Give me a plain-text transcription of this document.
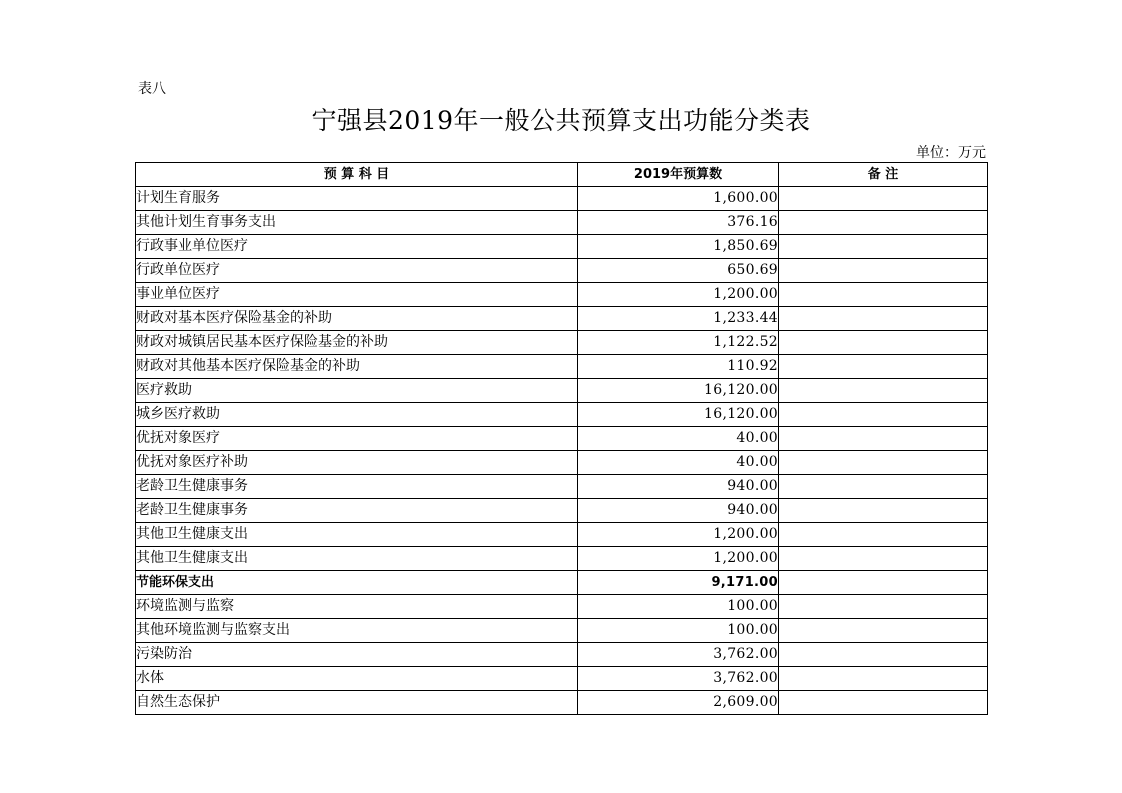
表八
宁强县2019年一般公共预算支出功能分类表
单位：万元
预 算 科 目	2019年预算数	备 注
计划生育服务	1,600.00	
其他计划生育事务支出	376.16	
行政事业单位医疗	1,850.69	
行政单位医疗	650.69	
事业单位医疗	1,200.00	
财政对基本医疗保险基金的补助	1,233.44	
财政对城镇居民基本医疗保险基金的补助	1,122.52	
财政对其他基本医疗保险基金的补助	110.92	
医疗救助	16,120.00	
城乡医疗救助	16,120.00	
优抚对象医疗	40.00	
优抚对象医疗补助	40.00	
老龄卫生健康事务	940.00	
老龄卫生健康事务	940.00	
其他卫生健康支出	1,200.00	
其他卫生健康支出	1,200.00	
节能环保支出	9,171.00	
环境监测与监察	100.00	
其他环境监测与监察支出	100.00	
污染防治	3,762.00	
水体	3,762.00	
自然生态保护	2,609.00	
